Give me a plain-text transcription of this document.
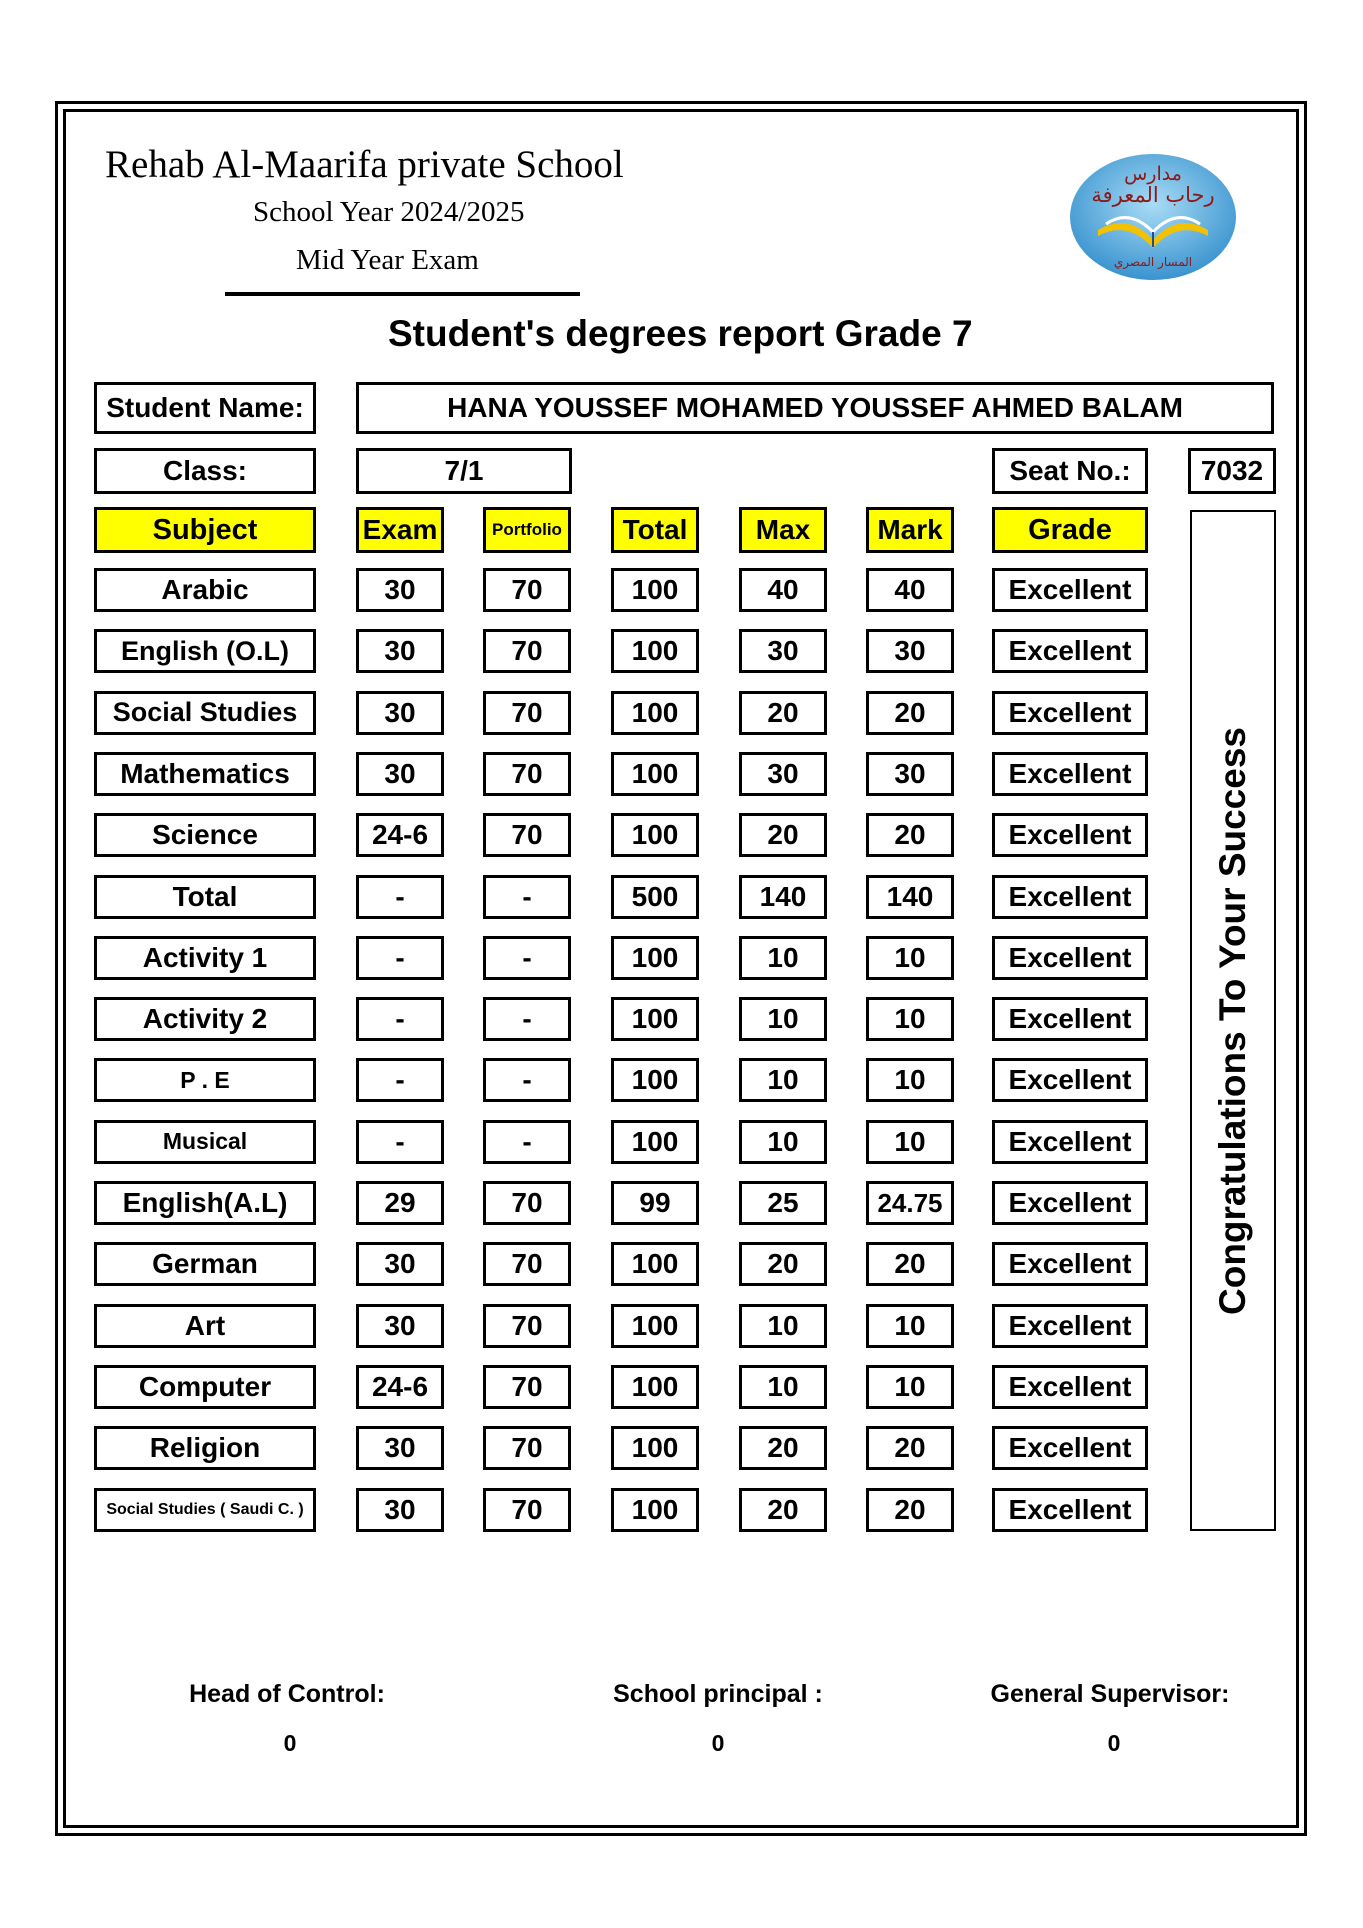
Rehab Al-Maarifa private School
School Year 2024/2025
Mid Year Exam
مدارس
رحاب المعرفة
المسار المصري
Student's degrees report Grade 7
Student Name:	HANA YOUSSEF MOHAMED YOUSSEF AHMED BALAM
Class:	7/1	Seat No.:	7032
Subject	Exam	Portfolio	Total	Max	Mark	Grade
Arabic	30	70	100	40	40	Excellent
English (O.L)	30	70	100	30	30	Excellent
Social Studies	30	70	100	20	20	Excellent
Mathematics	30	70	100	30	30	Excellent
Science	24-6	70	100	20	20	Excellent
Total	-	-	500	140	140	Excellent
Activity 1	-	-	100	10	10	Excellent
Activity 2	-	-	100	10	10	Excellent
P . E	-	-	100	10	10	Excellent
Musical	-	-	100	10	10	Excellent
English(A.L)	29	70	99	25	24.75	Excellent
German	30	70	100	20	20	Excellent
Art	30	70	100	10	10	Excellent
Computer	24-6	70	100	10	10	Excellent
Religion	30	70	100	20	20	Excellent
Social Studies ( Saudi C. )	30	70	100	20	20	Excellent
Congratulations To Your Success
Head of Control:
0
School principal :
0
General Supervisor:
0
